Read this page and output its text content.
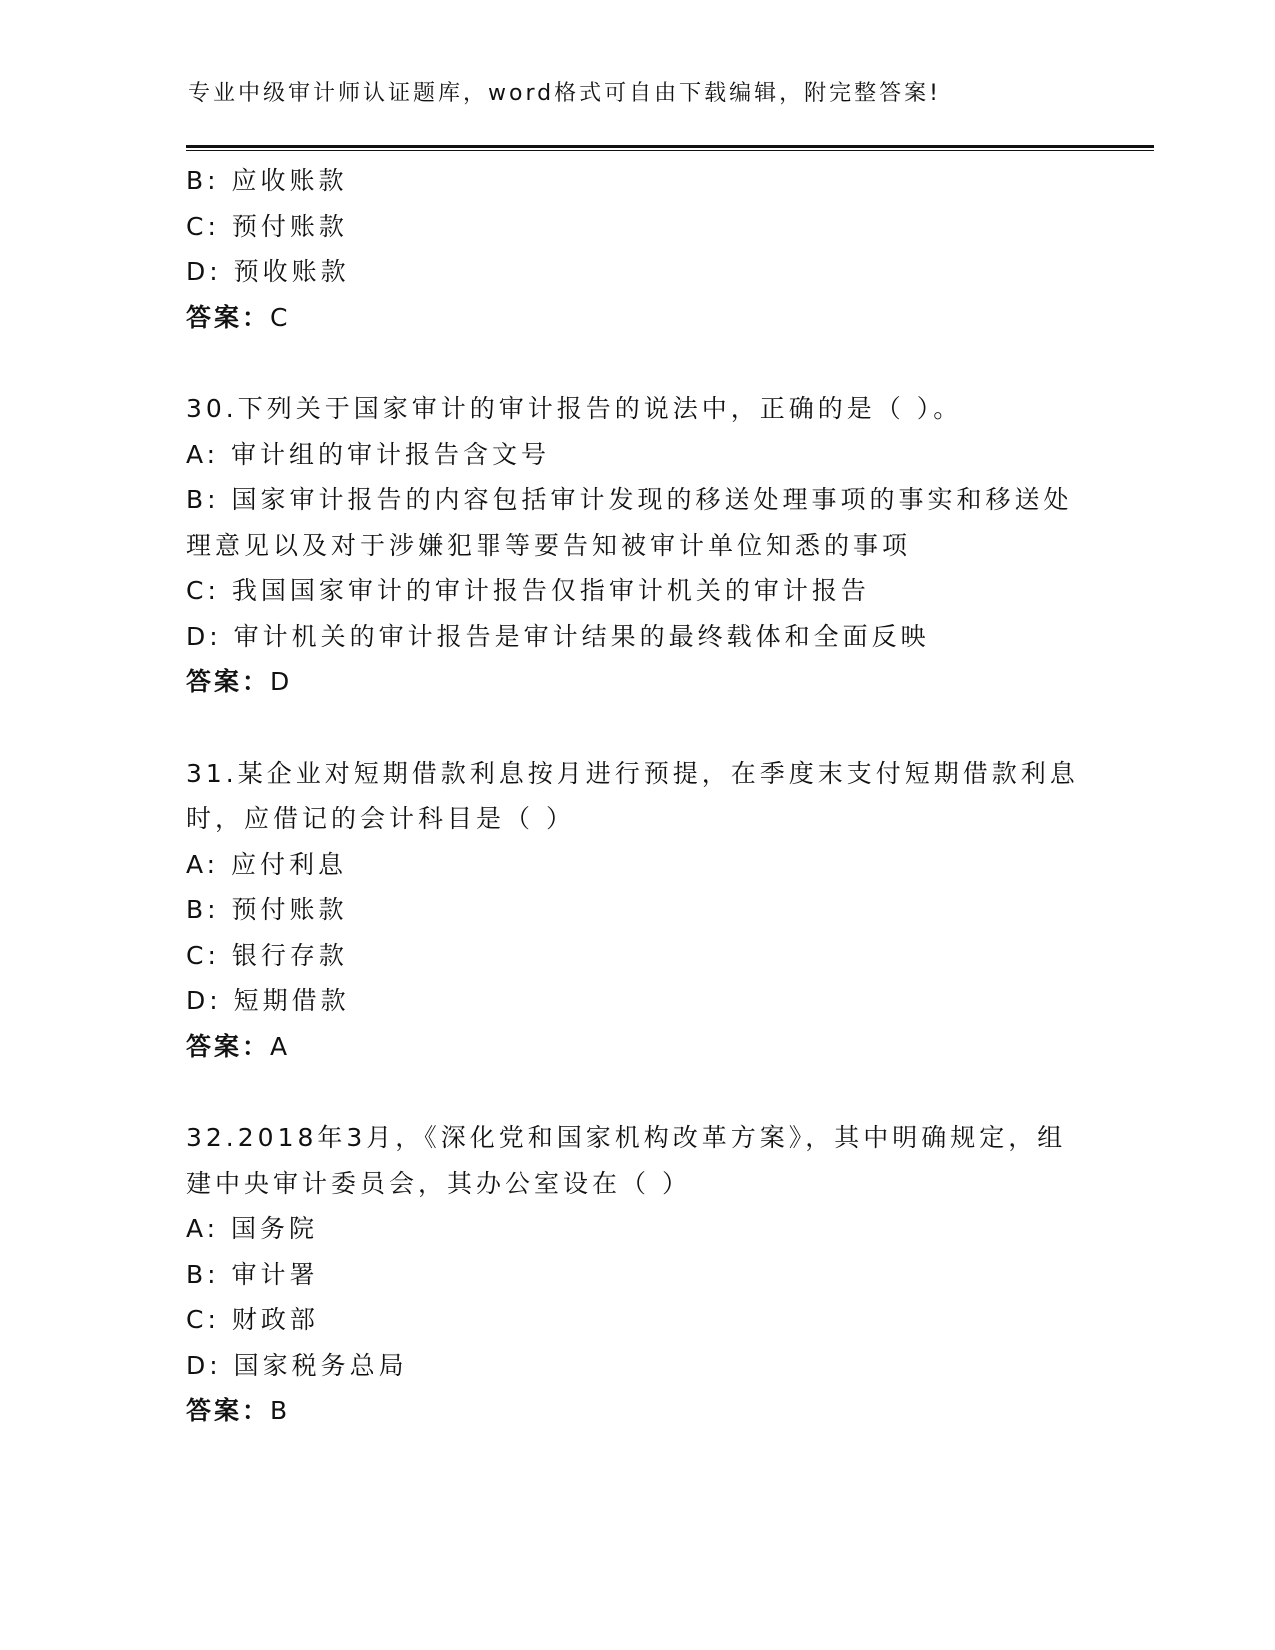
专业中级审计师认证题库，word格式可自由下载编辑，附完整答案!
B: 应收账款
C: 预付账款
D: 预收账款
答案：C
30.下列关于国家审计的审计报告的说法中，正确的是（ ）。
A: 审计组的审计报告含文号
B: 国家审计报告的内容包括审计发现的移送处理事项的事实和移送处
理意见以及对于涉嫌犯罪等要告知被审计单位知悉的事项
C: 我国国家审计的审计报告仅指审计机关的审计报告
D: 审计机关的审计报告是审计结果的最终载体和全面反映
答案：D
31.某企业对短期借款利息按月进行预提，在季度末支付短期借款利息
时，应借记的会计科目是（ ）
A: 应付利息
B: 预付账款
C: 银行存款
D: 短期借款
答案：A
32.2018年3月，《深化党和国家机构改革方案》，其中明确规定，组
建中央审计委员会，其办公室设在（ ）
A: 国务院
B: 审计署
C: 财政部
D: 国家税务总局
答案：B
